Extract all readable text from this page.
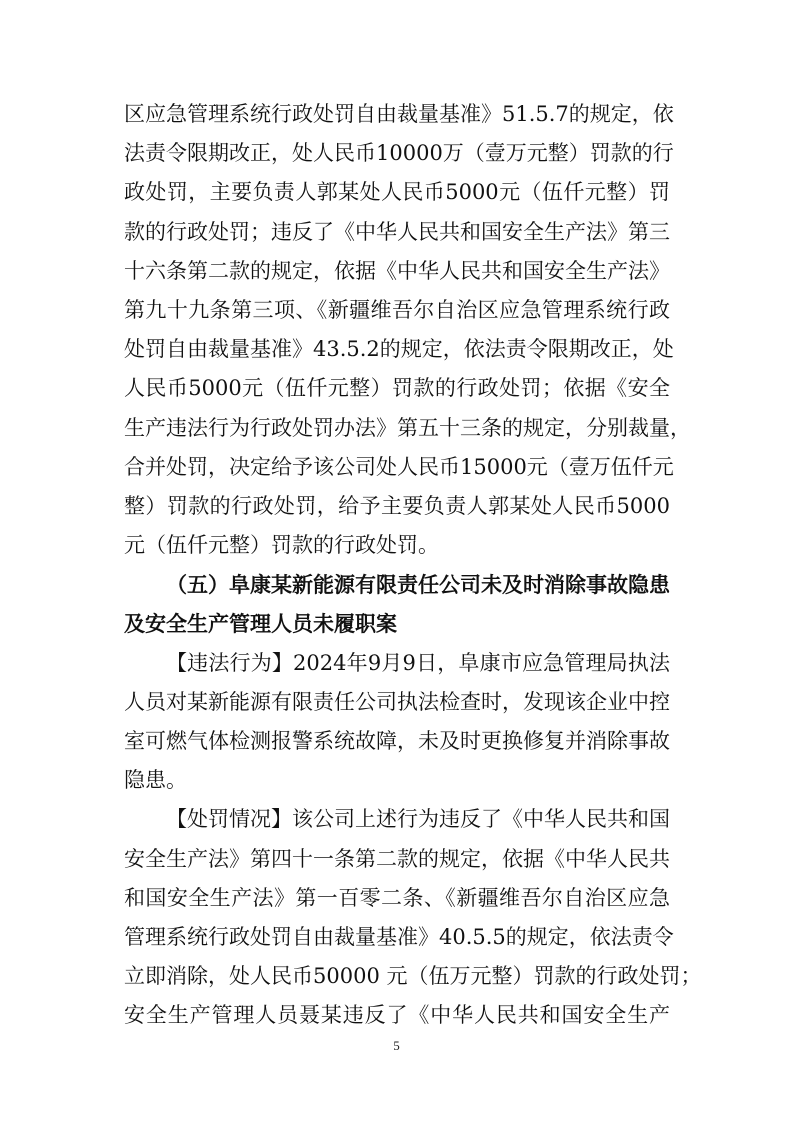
区应急管理系统行政处罚自由裁量基准》51.5.7的规定，依
法责令限期改正，处人民币10000万（壹万元整）罚款的行
政处罚，主要负责人郭某处人民币5000元（伍仟元整）罚
款的行政处罚；违反了《中华人民共和国安全生产法》第三
十六条第二款的规定，依据《中华人民共和国安全生产法》
第九十九条第三项、《新疆维吾尔自治区应急管理系统行政
处罚自由裁量基准》43.5.2的规定，依法责令限期改正，处
人民币5000元（伍仟元整）罚款的行政处罚；依据《安全
生产违法行为行政处罚办法》第五十三条的规定，分别裁量，
合并处罚，决定给予该公司处人民币15000元（壹万伍仟元
整）罚款的行政处罚，给予主要负责人郭某处人民币5000
元（伍仟元整）罚款的行政处罚。
（五）阜康某新能源有限责任公司未及时消除事故隐患
及安全生产管理人员未履职案
【违法行为】2024年9月9日，阜康市应急管理局执法
人员对某新能源有限责任公司执法检查时，发现该企业中控
室可燃气体检测报警系统故障，未及时更换修复并消除事故
隐患。
【处罚情况】该公司上述行为违反了《中华人民共和国
安全生产法》第四十一条第二款的规定，依据《中华人民共
和国安全生产法》第一百零二条、《新疆维吾尔自治区应急
管理系统行政处罚自由裁量基准》40.5.5的规定，依法责令
立即消除，处人民币50000 元（伍万元整）罚款的行政处罚；
安全生产管理人员聂某违反了《中华人民共和国安全生产
5
